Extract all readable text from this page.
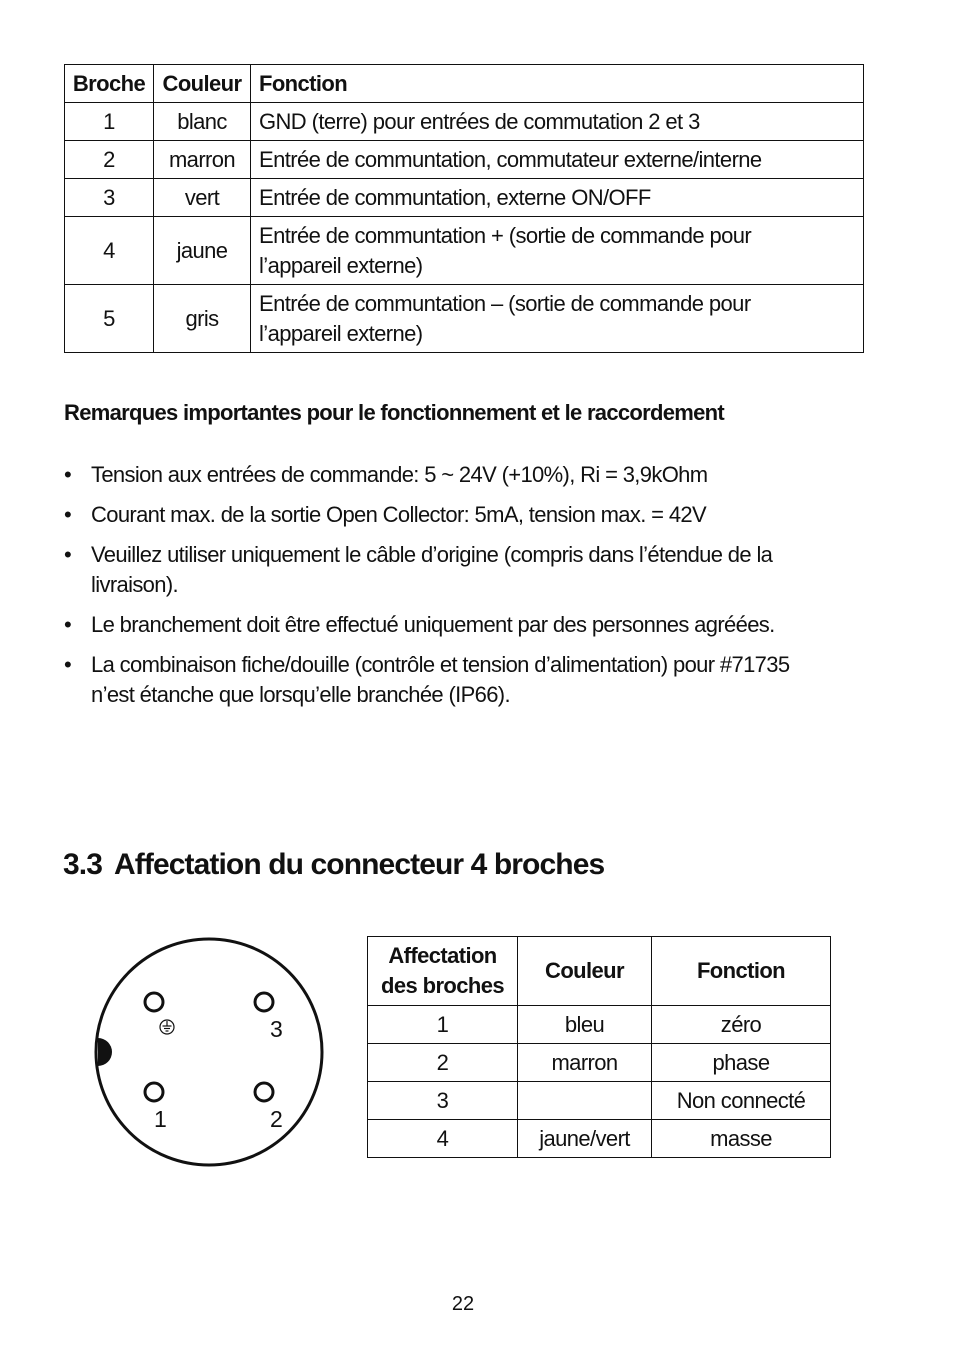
Broche	Couleur	Fonction
1	blanc	GND (terre) pour entrées de commutation 2 et 3
2	marron	Entrée de communtation, commutateur externe/interne
3	vert	Entrée de communtation, externe ON/OFF
4	jaune	Entrée de communtation + (sortie de commande pour
l’appareil externe)
5	gris	Entrée de communtation – (sortie de commande pour
l’appareil externe)
Remarques importantes pour le fonctionnement et le raccordement
• Tension aux entrées de commande: 5 ~ 24V (+10%), Ri = 3,9kOhm
• Courant max. de la sortie Open Collector: 5mA, tension max. = 42V
• Veuillez utiliser uniquement le câble d’origine (compris dans l’étendue de la
livraison).
• Le branchement doit être effectué uniquement par des personnes agréées.
• La combinaison fiche/douille (contrôle et tension d’alimentation) pour #71735
n’est étanche que lorsqu’elle branchée (IP66).
3.3 Affectation du connecteur 4 broches
3
1	2
Affectation
des broches	Couleur	Fonction
1	bleu	zéro
2	marron	phase
3		Non connecté
4	jaune/vert	masse
22
